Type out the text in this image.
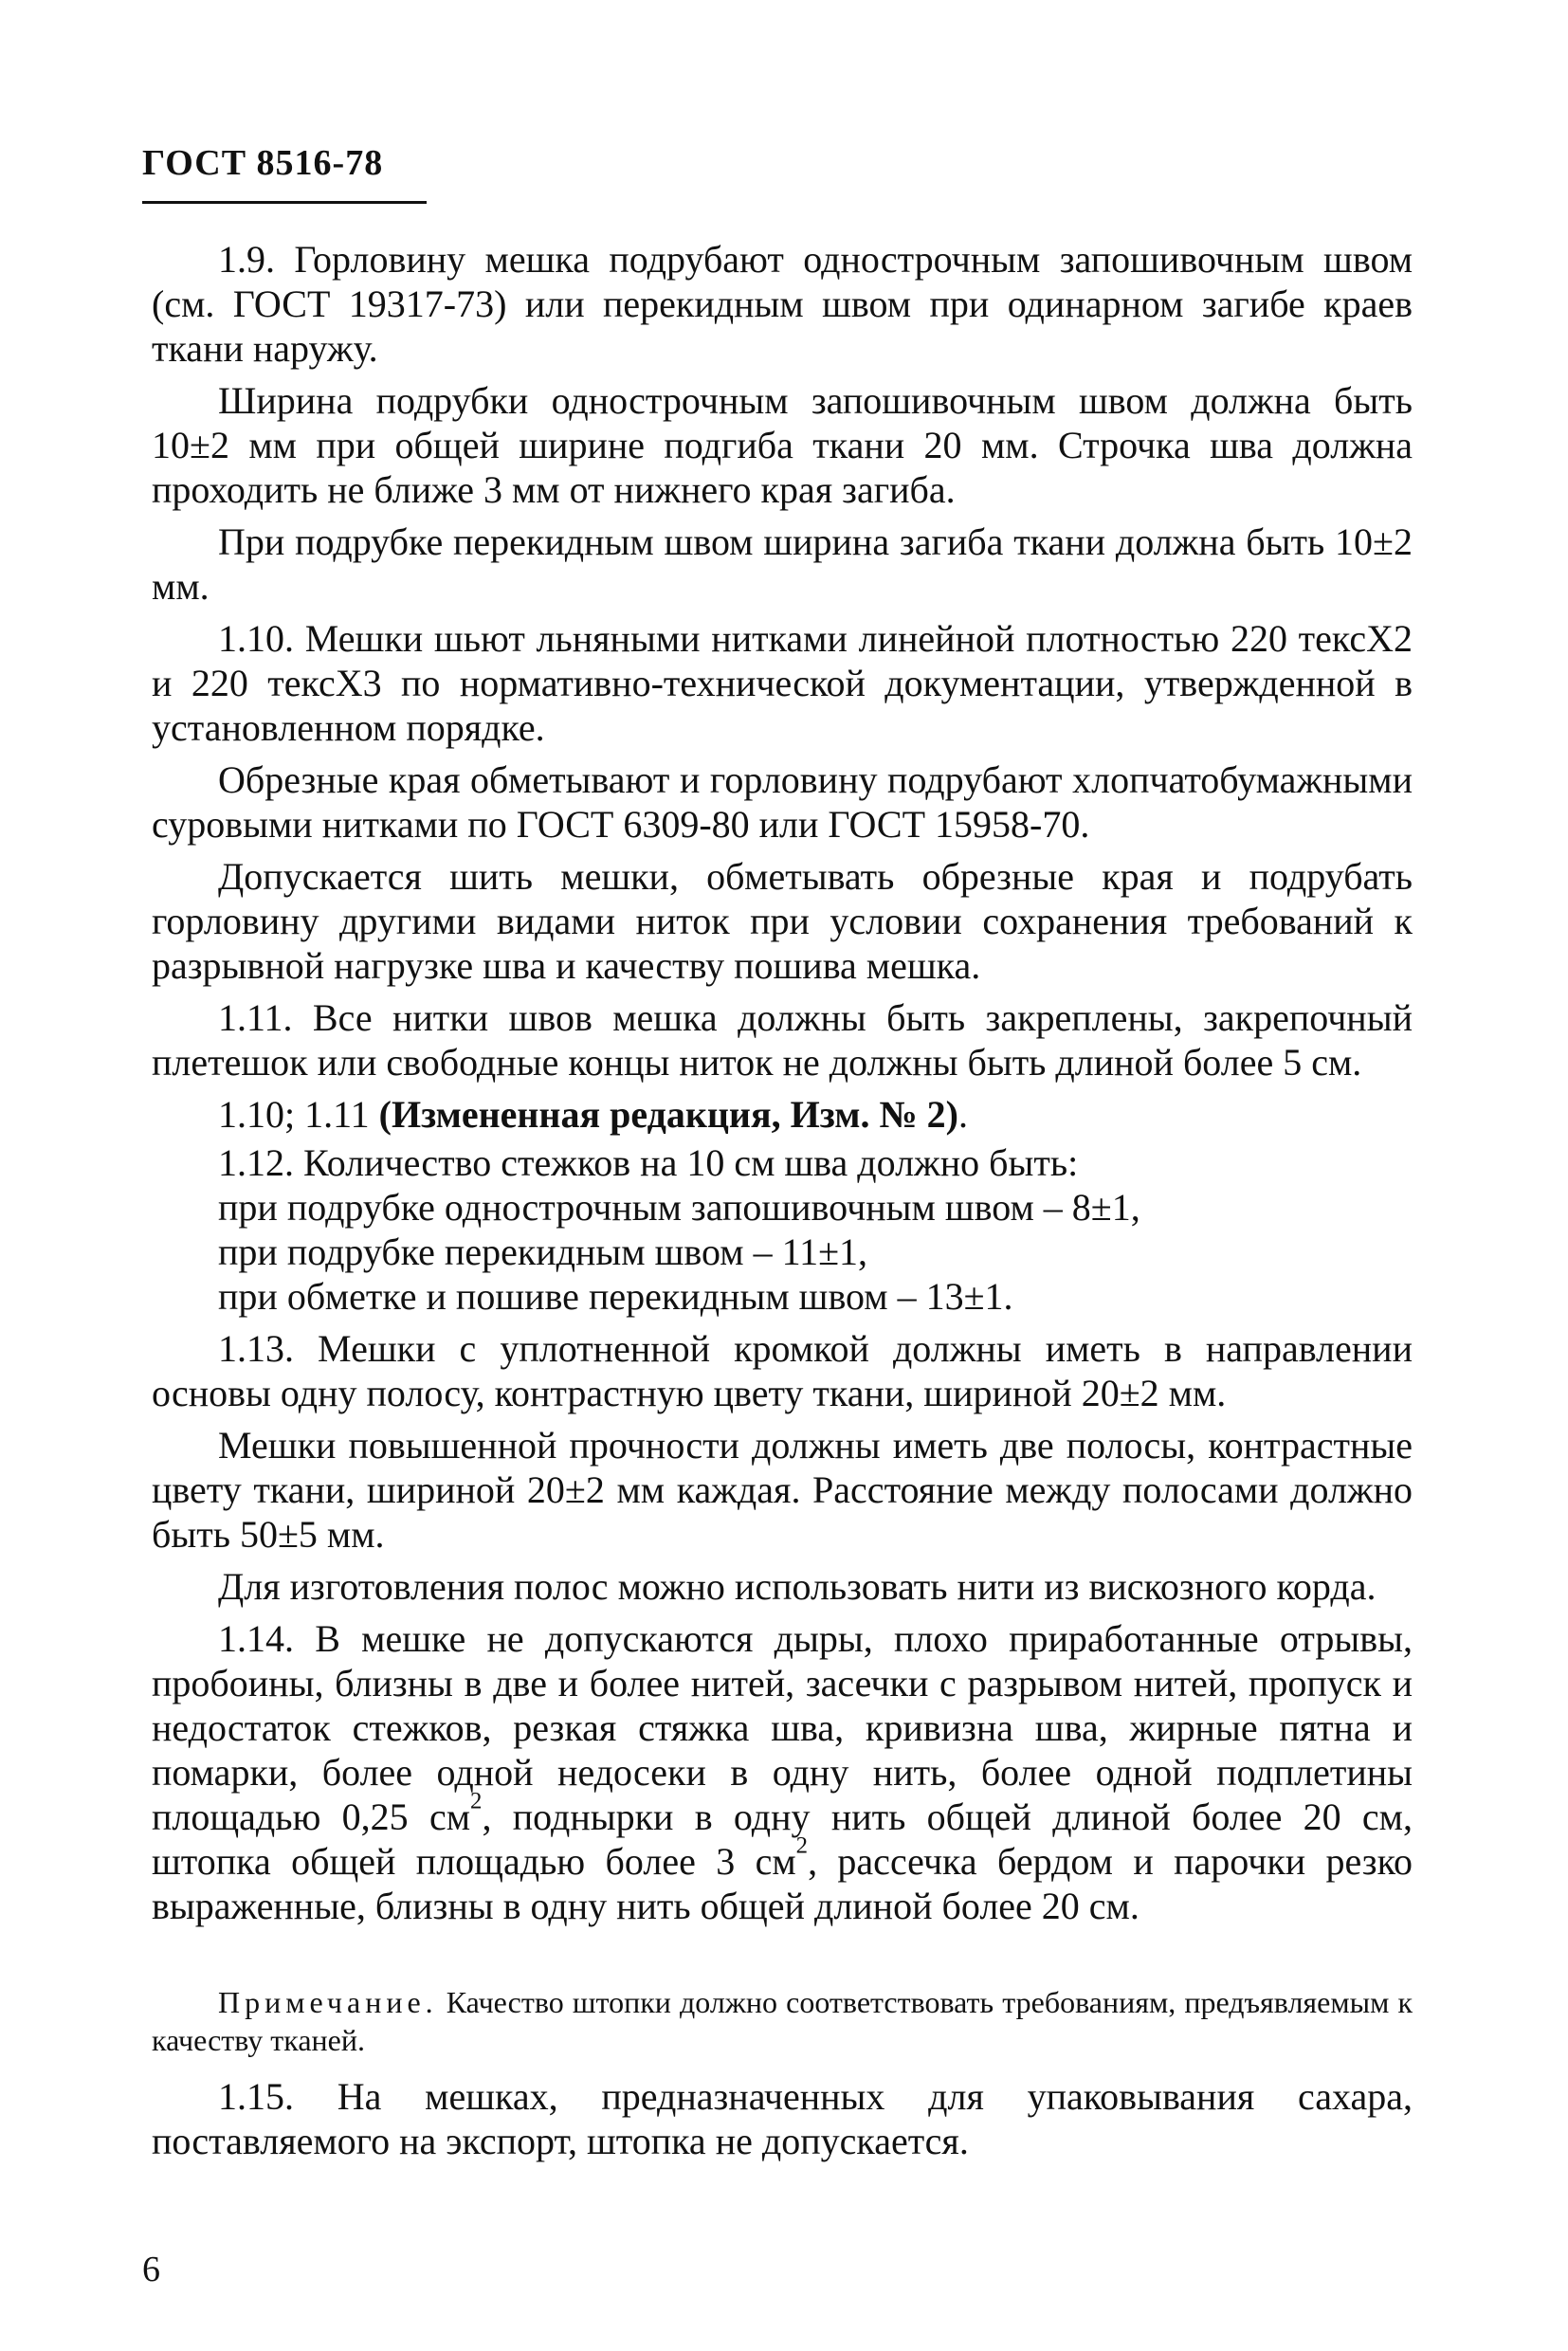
ГОСТ 8516-78

1.9. Горловину мешка подрубают однострочным запошивочным швом (см. ГОСТ 19317-73) или перекидным швом при одинарном загибе краев ткани наружу.

Ширина подрубки однострочным запошивочным швом должна быть 10±2 мм при общей ширине подгиба ткани 20 мм. Строчка шва должна проходить не ближе 3 мм от нижнего края загиба.

При подрубке перекидным швом ширина загиба ткани должна быть 10±2 мм.

1.10. Мешки шьют льняными нитками линейной плотностью 220 тексХ2 и 220 тексХ3 по нормативно-технической документации, утвержденной в установленном порядке.

Обрезные края обметывают и горловину подрубают хлопчатобумажными суровыми нитками по ГОСТ 6309-80 или ГОСТ 15958-70.

Допускается шить мешки, обметывать обрезные края и подрубать горловину другими видами ниток при условии сохранения требований к разрывной нагрузке шва и качеству пошива мешка.

1.11. Все нитки швов мешка должны быть закреплены, закрепочный плетешок или свободные концы ниток не должны быть длиной более 5 см.

1.10; 1.11 (Измененная редакция, Изм. № 2).

1.12. Количество стежков на 10 см шва должно быть:

при подрубке однострочным запошивочным швом – 8±1,

при подрубке перекидным швом – 11±1,

при обметке и пошиве перекидным швом – 13±1.

1.13. Мешки с уплотненной кромкой должны иметь в направлении основы одну полосу, контрастную цвету ткани, шириной 20±2 мм.

Мешки повышенной прочности должны иметь две полосы, контрастные цвету ткани, шириной 20±2 мм каждая. Расстояние между полосами должно быть 50±5 мм.

Для изготовления полос можно использовать нити из вискозного корда.

1.14. В мешке не допускаются дыры, плохо приработанные отрывы, пробоины, близны в две и более нитей, засечки с разрывом нитей, пропуск и недостаток стежков, резкая стяжка шва, кривизна шва, жирные пятна и помарки, более одной недосеки в одну нить, более одной подплетины площадью 0,25 $см^2$, поднырки в одну нить общей длиной более 20 см, штопка общей площадью более 3 $см^2$, рассечка бердом и парочки резко выраженные, близны в одну нить общей длиной более 20 см.

Примечание. Качество штопки должно соответствовать требованиям, предъявляемым к качеству тканей.

1.15. На мешках, предназначенных для упаковывания сахара, поставляемого на экспорт, штопка не допускается.

6
